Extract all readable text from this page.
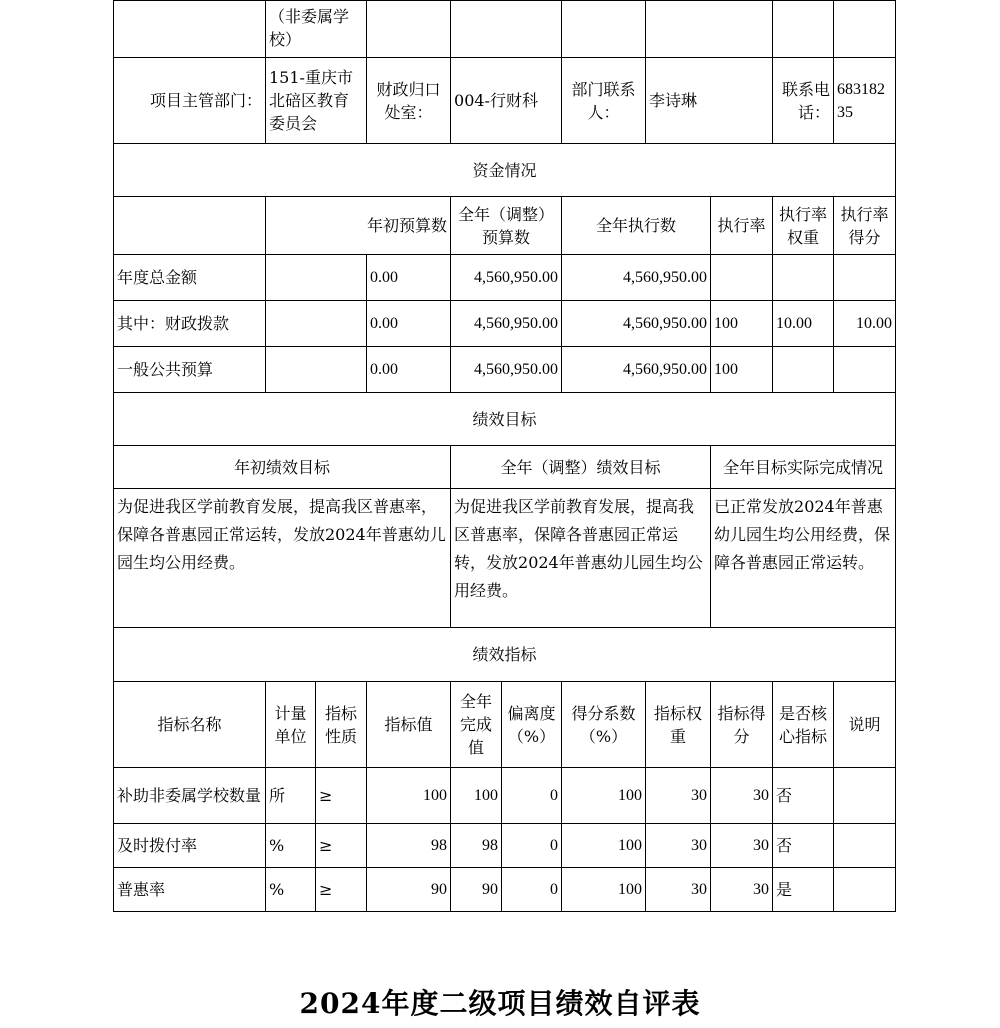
	（非委属学校）									
项目主管部门：	151-重庆市北碚区教育委员会		财政归口处室：	004-行财科		部门联系人：	李诗琳		联系电话：	68318235
资金情况										
	年初预算数			全年（调整）预算数		全年执行数		执行率	执行率权重	执行率得分
年度总金额			0.00	4,560,950.00		4,560,950.00				
其中：财政拨款			0.00	4,560,950.00		4,560,950.00		100	10.00	10.00
一般公共预算			0.00	4,560,950.00		4,560,950.00		100		
绩效目标										
年初绩效目标				全年（调整）绩效目标				全年目标实际完成情况		
为促进我区学前教育发展，提高我区普惠率，保障各普惠园正常运转，发放2024年普惠幼儿园生均公用经费。				为促进我区学前教育发展，提高我区普惠率，保障各普惠园正常运转，发放2024年普惠幼儿园生均公用经费。				已正常发放2024年普惠幼儿园生均公用经费，保障各普惠园正常运转。		
绩效指标										
指标名称	计量单位	指标性质	指标值	全年完成值	偏离度（%）	得分系数（%）	指标权重	指标得分	是否核心指标	说明
补助非委属学校数量	所	≥	100	100	0	100	30	30	否	
及时拨付率	%	≥	98	98	0	100	30	30	否	
普惠率	%	≥	90	90	0	100	30	30	是	
2024年度二级项目绩效自评表
